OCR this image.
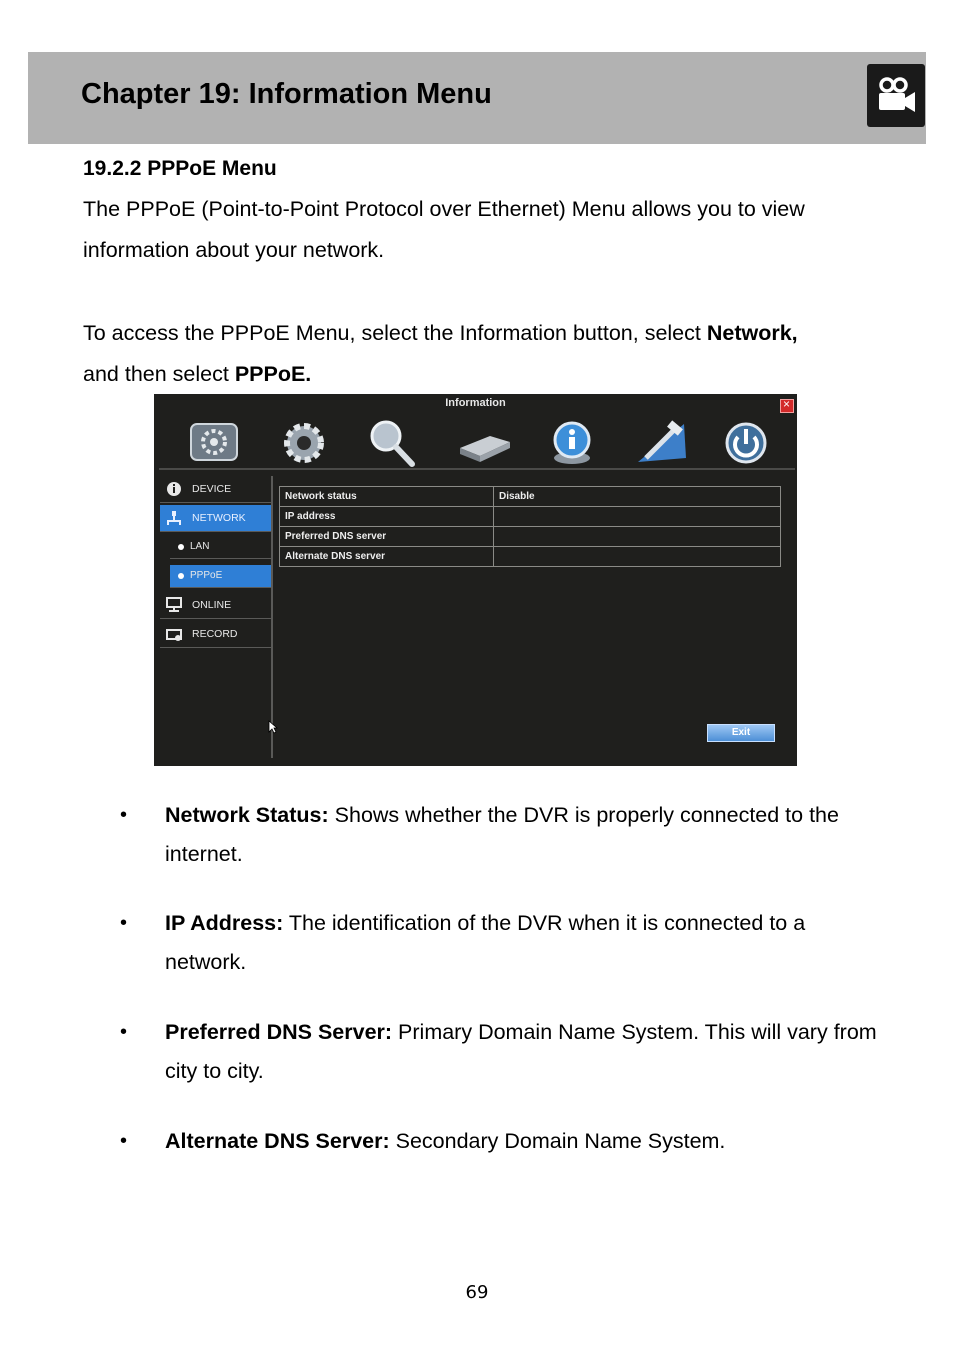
Chapter 19: Information Menu
19.2.2 PPPoE Menu
The PPPoE (Point-to-Point Protocol over Ethernet) Menu allows you to view information about your network.
To access the PPPoE Menu, select the Information button, select Network,
and then select PPPoE.
Information
×
DEVICE
NETWORK
LAN
PPPoE
ONLINE
RECORD
Network status	Disable
IP address	
Preferred DNS server	
Alternate DNS server	
Exit
•	Network Status: Shows whether the DVR is properly connected to the internet.
•	IP Address: The identification of the DVR when it is connected to a network.
•	Preferred DNS Server: Primary Domain Name System. This will vary from city to city.
•	Alternate DNS Server: Secondary Domain Name System.
69
